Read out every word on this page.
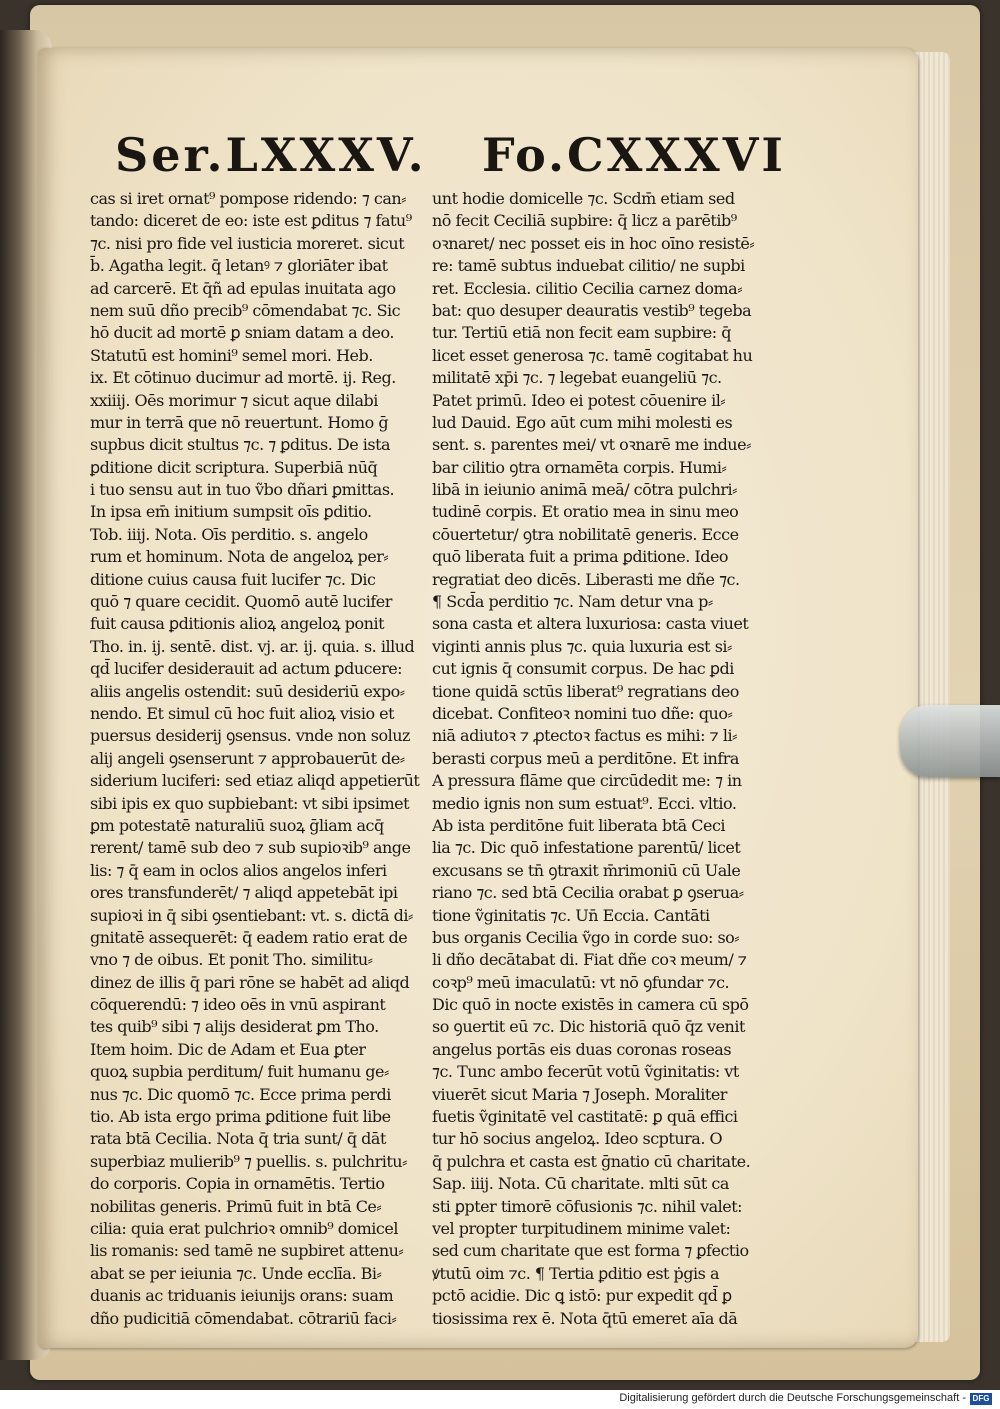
Ser.LXXXV. Fo.CXXXVI
cas si iret ornat⁹ pompose ridendo: ⁊ can⸗
tando: diceret de eo: iste est ꝑditus ⁊ fatu⁹
⁊c. nisi pro fide vel iusticia moreret. sicut
b̄. Agatha legit. q̄ letanꝰ ⁊ gloriāter ibat
ad carcerē. Et q̄ñ ad epulas inuitata ago
nem suū dño precib⁹ cōmendabat ⁊c. Sic
hō ducit ad mortē ꝑ sniam datam a deo.
Statutū est homini⁹ semel mori. Heb.
ix. Et cōtinuo ducimur ad mortē. ij. Reg.
xxiiij. Oēs morimur ⁊ sicut aque dilabi
mur in terrā que nō reuertunt. Homo ḡ
supbus dicit stultus ⁊c. ⁊ ꝑditus. De ista
ꝑditione dicit scriptura. Superbiā nūq̄
i tuo sensu aut in tuo ṽbo dñari ꝑmittas.
In ipsa em̄ initium sumpsit oīs ꝑditio.
Tob. iiij. Nota. Oīs perditio. s. angelo
rum et hominum. Nota de angeloꝝ per⸗
ditione cuius causa fuit lucifer ⁊c. Dic
quō ⁊ quare cecidit. Quomō autē lucifer
fuit causa ꝑditionis alioꝝ angeloꝝ ponit
Tho. in. ij. sentē. dist. vj. ar. ij. quia. s. illud
qd̄ lucifer desiderauit ad actum ꝑducere:
aliis angelis ostendit: suū desideriū expo⸗
nendo. Et simul cū hoc fuit alioꝝ visio et
puersus desiderij ꝯsensus. vnde non soluz
alij angeli ꝯsenserunt ⁊ approbauerūt de⸗
siderium luciferi: sed etiaz aliqd appetierūt
sibi ipis ex quo supbiebant: vt sibi ipsimet
ꝑm potestatē naturaliū suoꝝ ḡliam acq̄
rerent/ tamē sub deo ⁊ sub supioꝛib⁹ ange
lis: ⁊ q̄ eam in oclos alios angelos inferi
ores transfunderēt/ ⁊ aliqd appetebāt ipi
supioꝛi in q̄ sibi ꝯsentiebant: vt. s. dictā di⸗
gnitatē assequerēt: q̄ eadem ratio erat de
vno ⁊ de oibus. Et ponit Tho. similitu⸗
dinez de illis q̄ pari rōne se habēt ad aliqd
cōquerendū: ⁊ ideo oēs in vnū aspirant
tes quib⁹ sibi ⁊ alijs desiderat ꝑm Tho.
Item hoim. Dic de Adam et Eua ꝑter
quoꝝ supbia perditum/ fuit humanu ge⸗
nus ⁊c. Dic quomō ⁊c. Ecce prima perdi
tio. Ab ista ergo prima ꝑditione fuit libe
rata btā Cecilia. Nota q̄ tria sunt/ q̄ dāt
superbiaz mulierib⁹ ⁊ puellis. s. pulchritu⸗
do corporis. Copia in ornamētis. Tertio
nobilitas generis. Primū fuit in btā Ce⸗
cilia: quia erat pulchrioꝛ omnib⁹ domicel
lis romanis: sed tamē ne supbiret attenu⸗
abat se per ieiunia ⁊c. Unde ecclīa. Bi⸗
duanis ac triduanis ieiunijs orans: suam
dño pudicitiā cōmendabat. cōtrariū faci⸗
unt hodie domicelle ⁊c. Scdm̄ etiam sed
nō fecit Ceciliā supbire: q̄ licz a parētib⁹
oꝛnaret/ nec posset eis in hoc oīno resistē⸗
re: tamē subtus induebat cilitio/ ne supbi
ret. Ecclesia. cilitio Cecilia carnez doma⸗
bat: quo desuper deauratis vestib⁹ tegeba
tur. Tertiū etiā non fecit eam supbire: q̄
licet esset generosa ⁊c. tamē cogitabat hu
militatē xp̄i ⁊c. ⁊ legebat euangeliū ⁊c.
Patet primū. Ideo ei potest cōuenire il⸗
lud Dauid. Ego aūt cum mihi molesti es
sent. s. parentes mei/ vt oꝛnarē me indue⸗
bar cilitio ꝯtra ornamēta corpis. Humi⸗
libā in ieiunio animā meā/ cōtra pulchri⸗
tudinē corpis. Et oratio mea in sinu meo
cōuertetur/ ꝯtra nobilitatē generis. Ecce
quō liberata fuit a prima ꝑditione. Ideo
regratiat deo dicēs. Liberasti me dñe ⁊c.
¶ Scd̄a perditio ⁊c. Nam detur vna p⸗
sona casta et altera luxuriosa: casta viuet
viginti annis plus ⁊c. quia luxuria est si⸗
cut ignis q̄ consumit corpus. De hac ꝑdi
tione quidā sctūs liberat⁹ regratians deo
dicebat. Confiteoꝛ nomini tuo dñe: quo⸗
niā adiutoꝛ ⁊ ꝓtectoꝛ factus es mihi: ⁊ li⸗
berasti corpus meū a perditōne. Et infra
A pressura flāme que circūdedit me: ⁊ in
medio ignis non sum estuat⁹. Ecci. vltio.
Ab ista perditōne fuit liberata btā Ceci
lia ⁊c. Dic quō infestatione parentū/ licet
excusans se tn̄ ꝯtraxit m̄rimoniū cū Uale
riano ⁊c. sed btā Cecilia orabat ꝑ ꝯserua⸗
tione ṽginitatis ⁊c. Un̄ Eccia. Cantāti
bus organis Cecilia ṽgo in corde suo: so⸗
li dño decātabat di. Fiat dñe coꝛ meum/ ⁊
coꝛp⁹ meū imaculatū: vt nō ꝯfundar ⁊c.
Dic quō in nocte existēs in camera cū spō
so ꝯuertit eū ⁊c. Dic historiā quō q̄z venit
angelus portās eis duas coronas roseas
⁊c. Tunc ambo fecerūt votū ṽginitatis: vt
viuerēt sicut Maria ⁊ Joseph. Moraliter
fuetis ṽginitatē vel castitatē: ꝑ quā effici
tur hō socius angeloꝝ. Ideo scptura. O
q̄ pulchra et casta est ḡnatio cū charitate.
Sap. iiij. Nota. Cū charitate. mlti sūt ca
sti ꝑpter timorē cōfusionis ⁊c. nihil valet:
vel propter turpitudinem minime valet:
sed cum charitate que est forma ⁊ ꝑfectio
ꝟtutū oim ⁊c. ¶ Tertia ꝑditio est ṗgis a
pctō acidie. Dic ꝗ istō: pur expedit qd̄ ꝑ
tiosissima rex ē. Nota q̄tū emeret aīa dā
Digitalisierung gefördert durch die Deutsche Forschungsgemeinschaft - DFG
